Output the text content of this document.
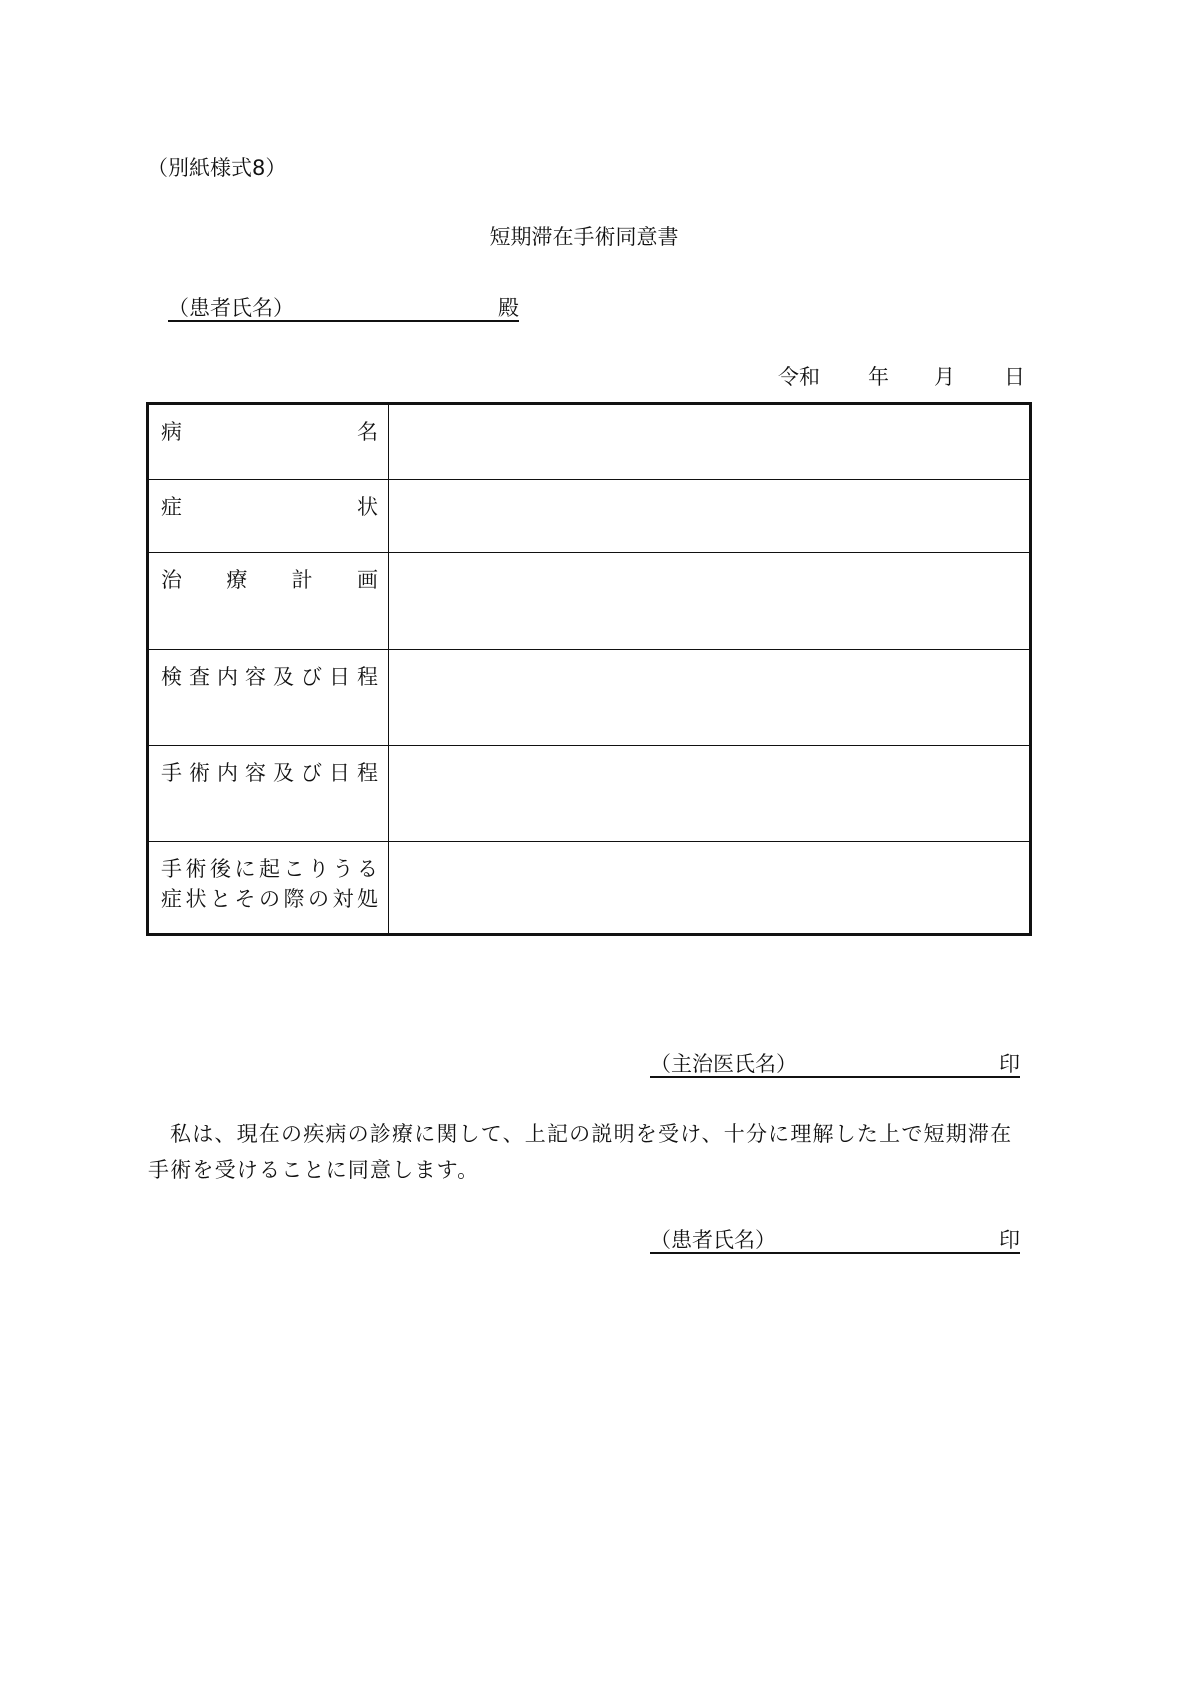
（別紙様式8）
短期滞在手術同意書
（患者氏名）	殿
令和 年 月 日
病	名
症	状
治 療 計 画
検 査 内 容 及 び 日 程
手 術 内 容 及 び 日 程
手 術 後 に 起 こ り う る
症 状 と そ の 際 の 対 処
（主治医氏名）	印
私は、現在の疾病の診療に関して、上記の説明を受け、十分に理解した上で短期滞在手術を受けることに同意します。
（患者氏名）	印
